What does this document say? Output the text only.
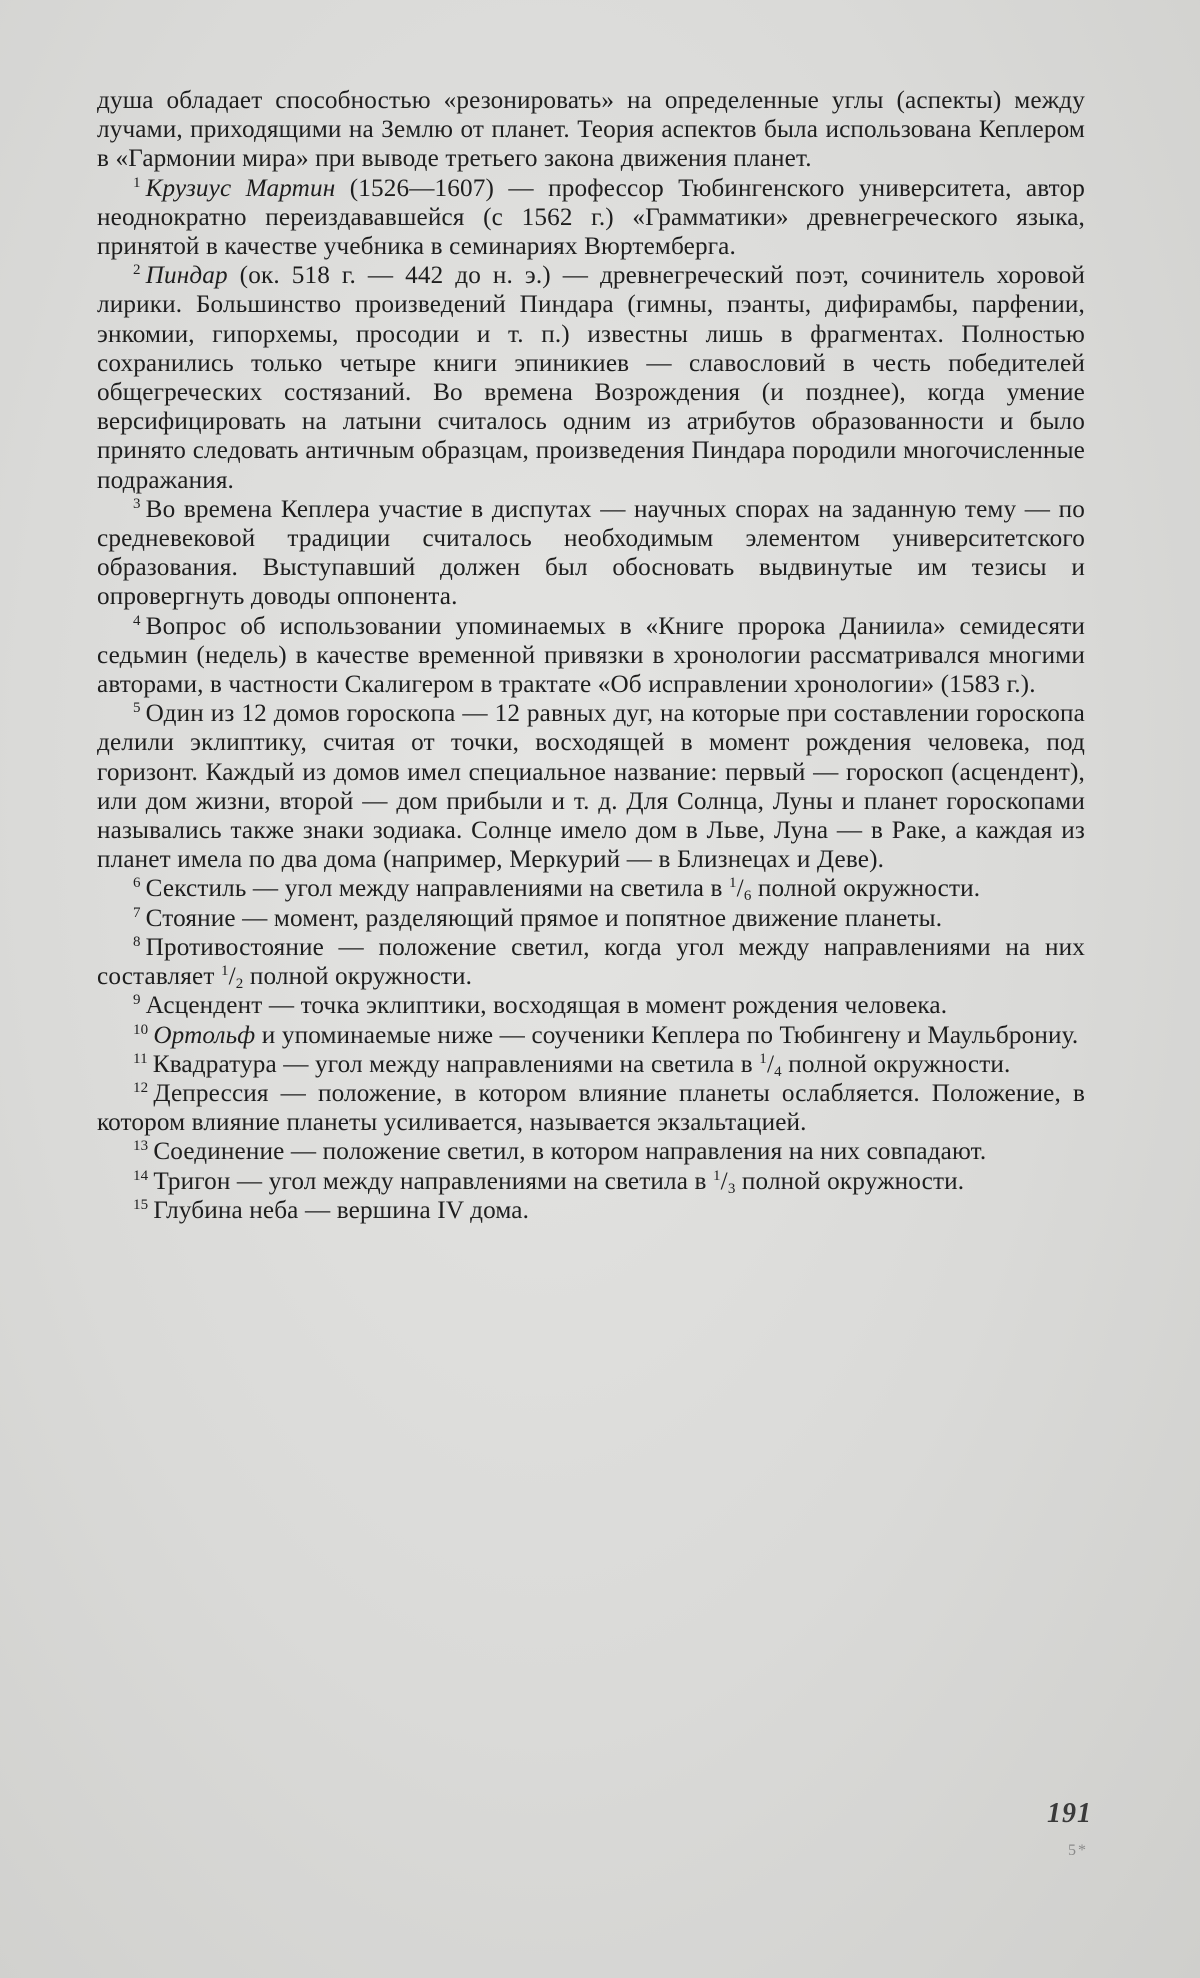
душа обладает способностью «резонировать» на определенные углы (аспекты) между лучами, приходящими на Землю от планет. Теория аспектов была использована Кеплером в «Гармонии мира» при выводе третьего закона движения планет.

1 Крузиус Мартин (1526—1607) — профессор Тюбингенского университета, автор неоднократно переиздававшейся (с 1562 г.) «Грамматики» древнегреческого языка, принятой в качестве учебника в семинариях Вюртемберга.

2 Пиндар (ок. 518 г. — 442 до н. э.) — древнегреческий поэт, сочинитель хоровой лирики. Большинство произведений Пиндара (гимны, пэанты, дифирамбы, парфении, энкомии, гипорхемы, просодии и т. п.) известны лишь в фрагментах. Полностью сохранились только четыре книги эпиникиев — славословий в честь победителей общегреческих состязаний. Во времена Возрождения (и позднее), когда умение версифицировать на латыни считалось одним из атрибутов образованности и было принято следовать античным образцам, произведения Пиндара породили многочисленные подражания.

3 Во времена Кеплера участие в диспутах — научных спорах на заданную тему — по средневековой традиции считалось необходимым элементом университетского образования. Выступавший должен был обосновать выдвинутые им тезисы и опровергнуть доводы оппонента.

4 Вопрос об использовании упоминаемых в «Книге пророка Даниила» семидесяти седьмин (недель) в качестве временной привязки в хронологии рассматривался многими авторами, в частности Скалигером в трактате «Об исправлении хронологии» (1583 г.).

5 Один из 12 домов гороскопа — 12 равных дуг, на которые при составлении гороскопа делили эклиптику, считая от точки, восходящей в момент рождения человека, под горизонт. Каждый из домов имел специальное название: первый — гороскоп (асцендент), или дом жизни, второй — дом прибыли и т. д. Для Солнца, Луны и планет гороскопами назывались также знаки зодиака. Солнце имело дом в Льве, Луна — в Раке, а каждая из планет имела по два дома (например, Меркурий — в Близнецах и Деве).

6 Секстиль — угол между направлениями на светила в 1/6 полной окружности.

7 Стояние — момент, разделяющий прямое и попятное движение планеты.

8 Противостояние — положение светил, когда угол между направлениями на них составляет 1/2 полной окружности.

9 Асцендент — точка эклиптики, восходящая в момент рождения человека.

10 Ортольф и упоминаемые ниже — соученики Кеплера по Тюбингену и Маульброниу.

11 Квадратура — угол между направлениями на светила в 1/4 полной окружности.

12 Депрессия — положение, в котором влияние планеты ослабляется. Положение, в котором влияние планеты усиливается, называется экзальтацией.

13 Соединение — положение светил, в котором направления на них совпадают.

14 Тригон — угол между направлениями на светила в 1/3 полной окружности.

15 Глубина неба — вершина IV дома.

191
5*
